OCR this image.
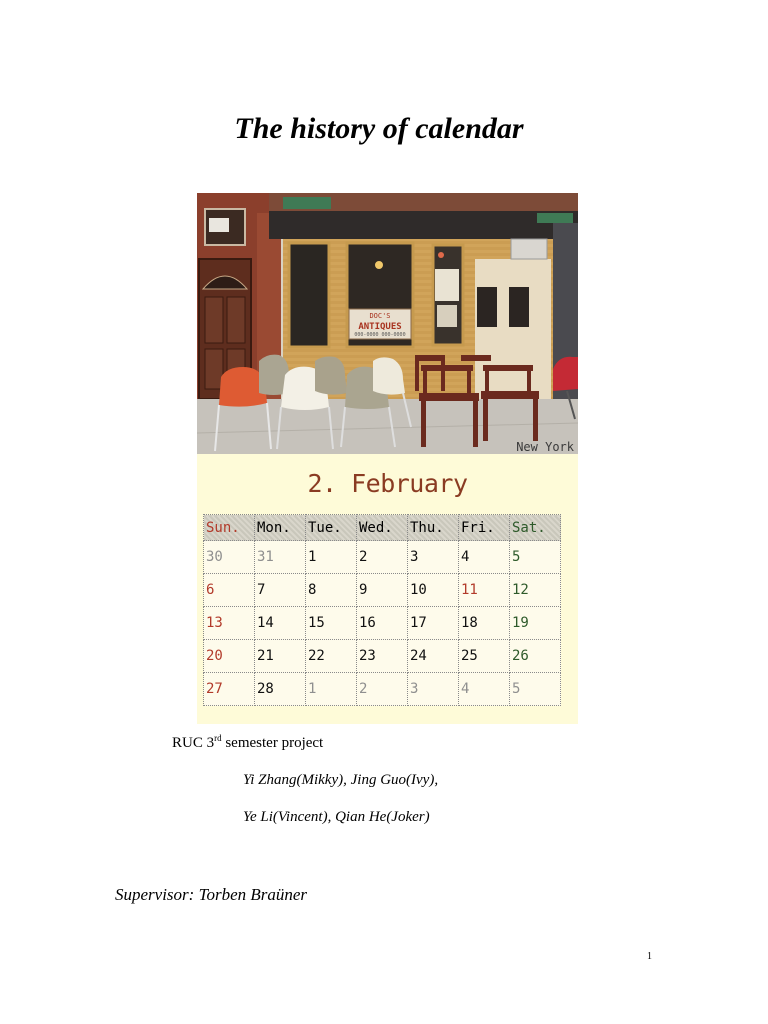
The history of calendar
DOC'S
ANTIQUES
000-0000 000-0000
New York
2. February
Sun.	Mon.	Tue.	Wed.	Thu.	Fri.	Sat.
30	31	1	2	3	4	5
6	7	8	9	10	11	12
13	14	15	16	17	18	19
20	21	22	23	24	25	26
27	28	1	2	3	4	5
RUC 3rd semester project
Yi Zhang(Mikky), Jing Guo(Ivy),
Ye Li(Vincent), Qian He(Joker)
Supervisor: Torben Braüner
1
